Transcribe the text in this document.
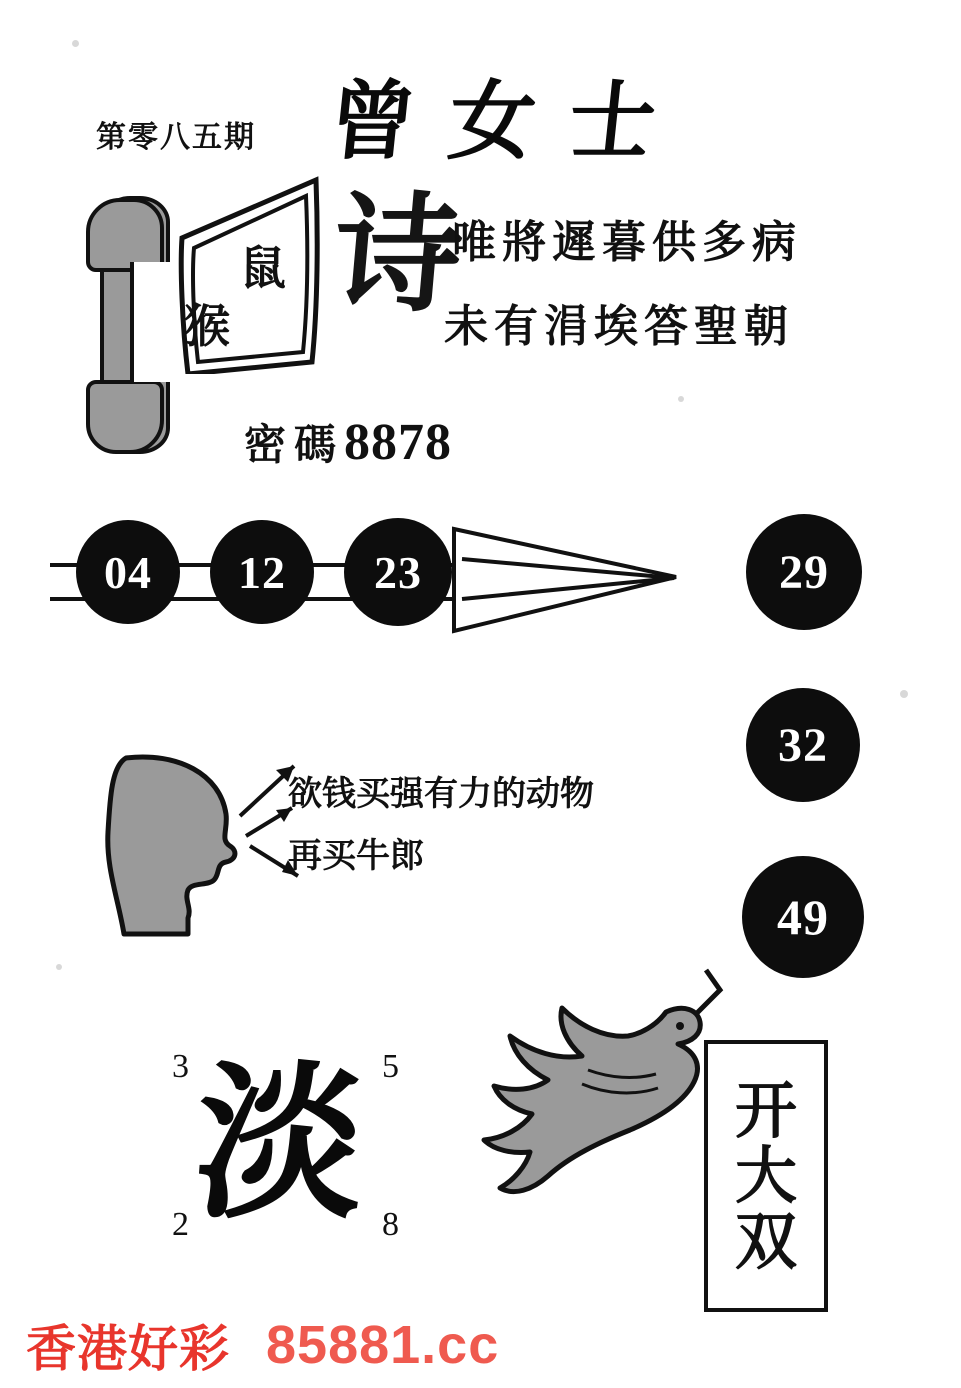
第零八五期 曾女士
鼠
猴 诗
唯將遲暮供多病
未有涓埃答聖朝
密碼8878
04	12	23	29
32
49
欲钱买强有力的动物
再买牛郎
3	5
2	8
淡	开
大
双
香港好彩 85881.cc
